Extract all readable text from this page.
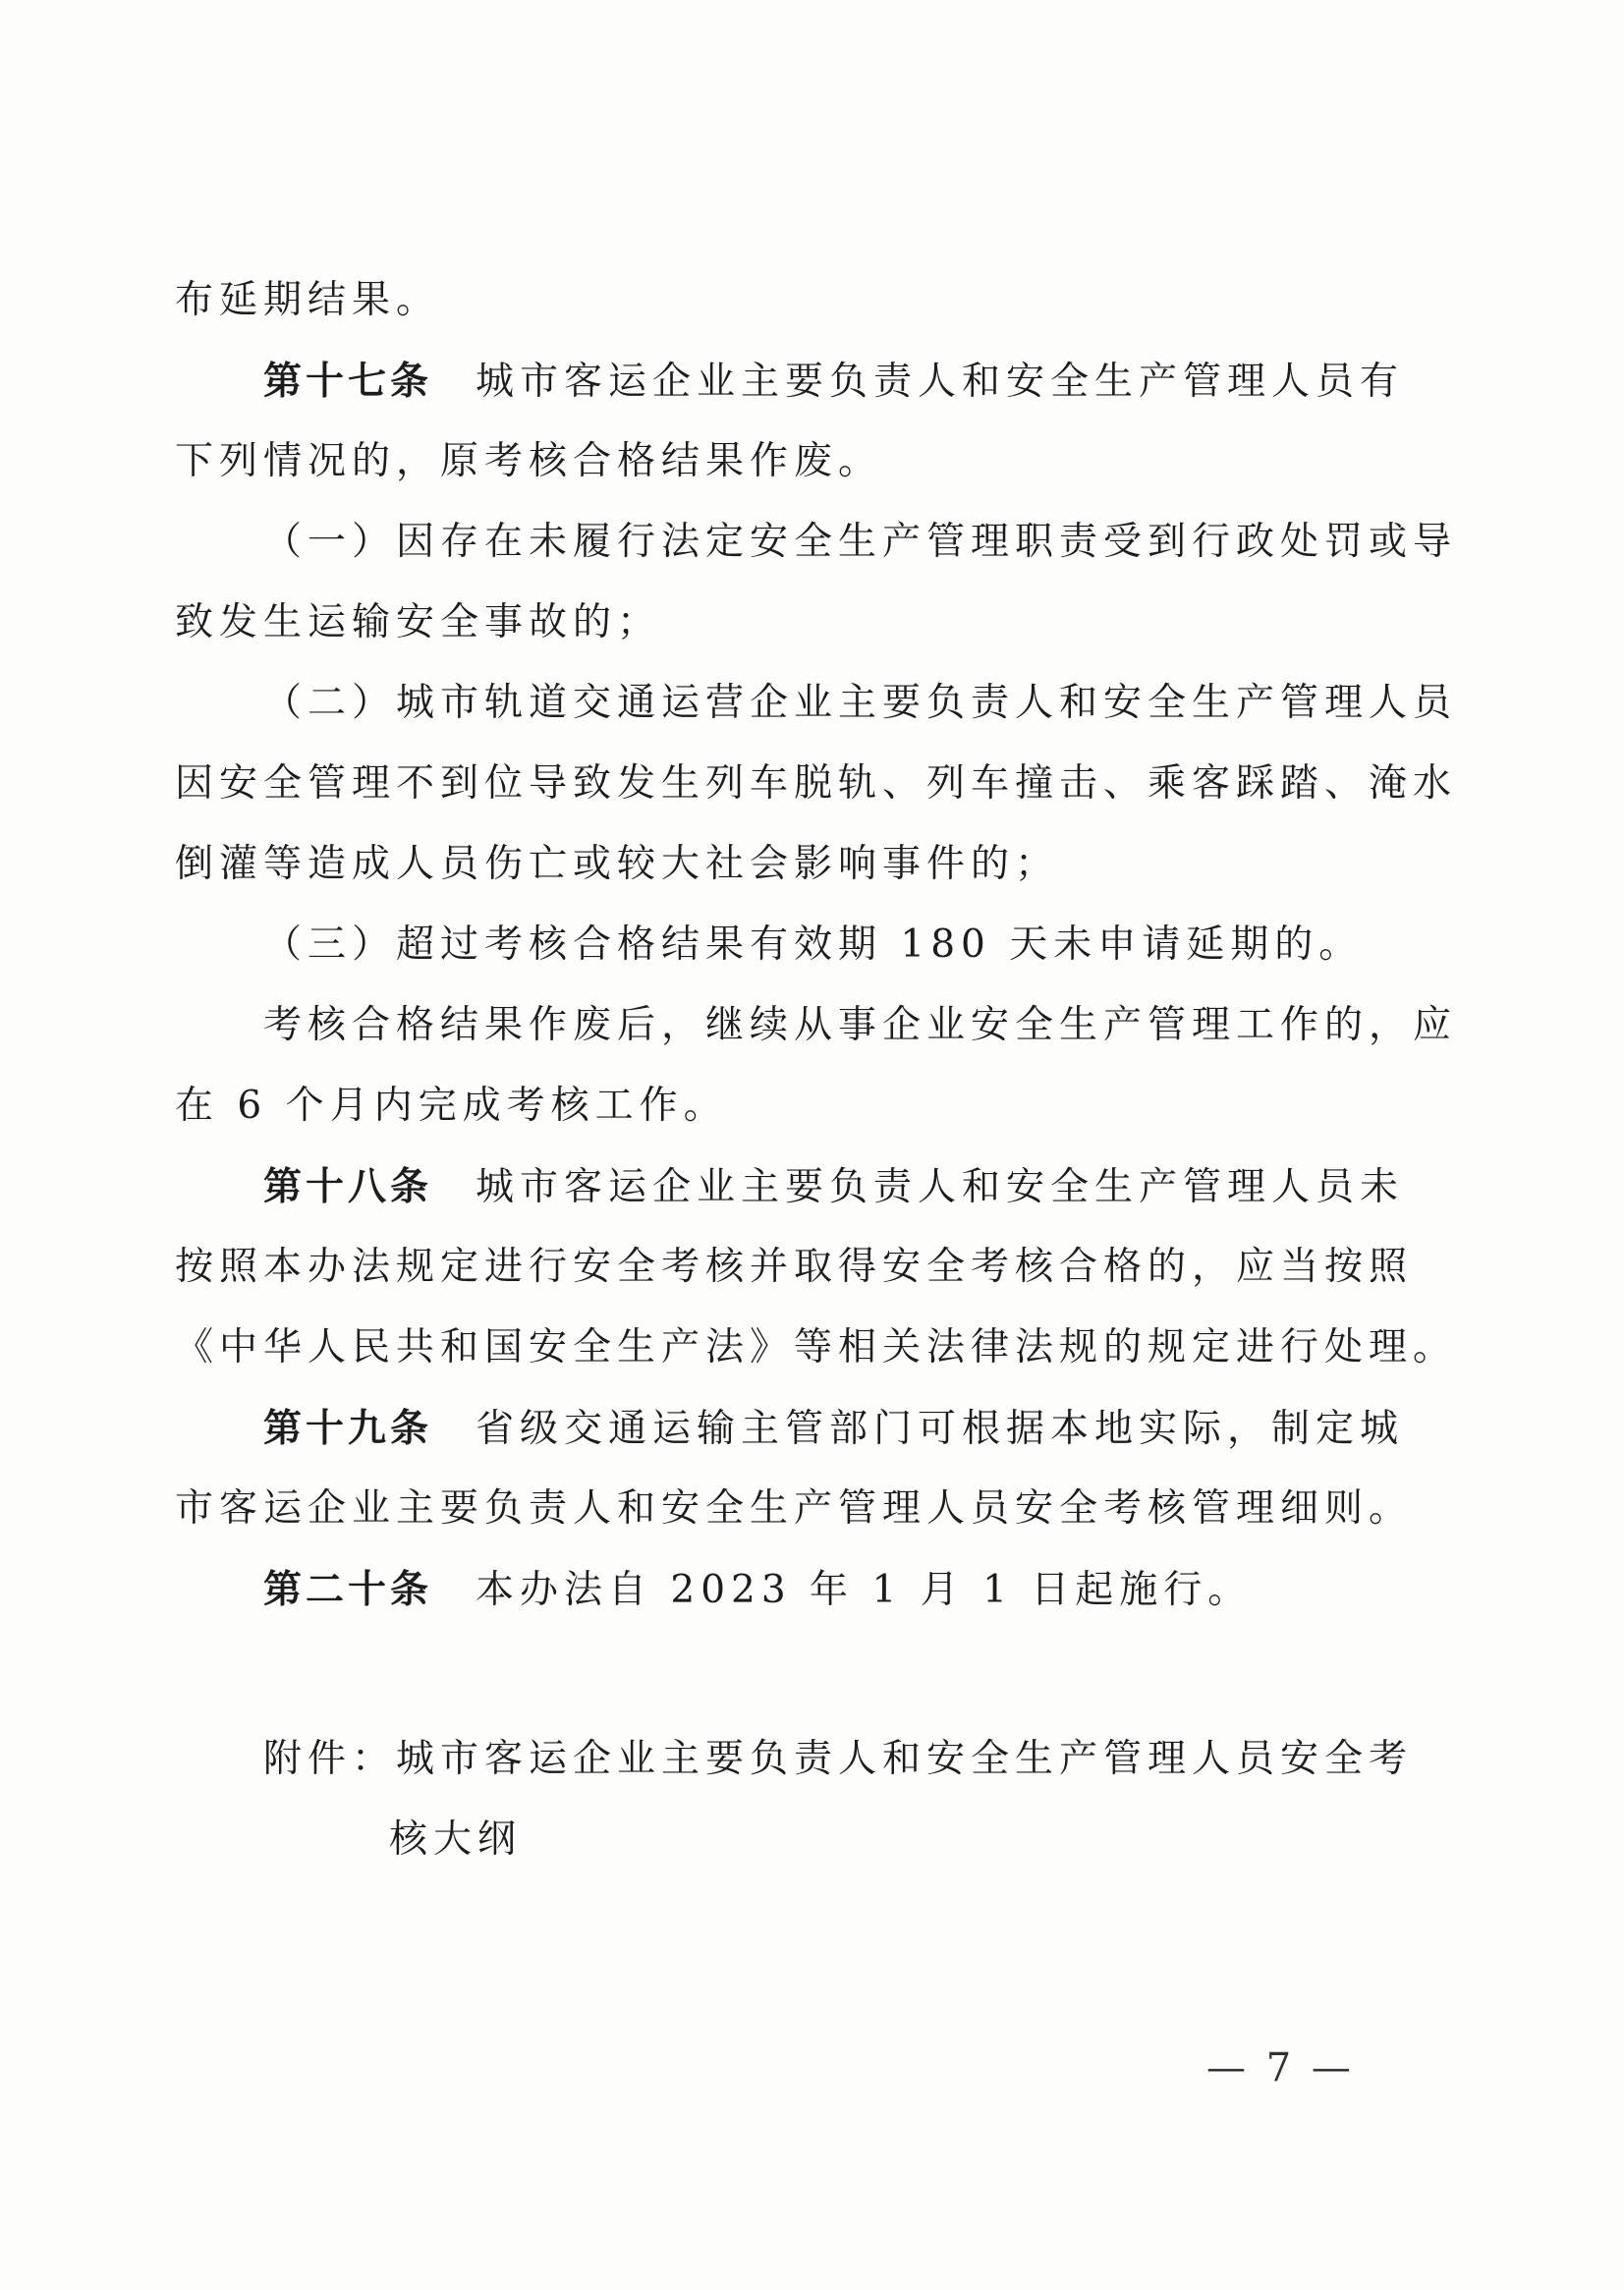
布延期结果。
第十七条 城市客运企业主要负责人和安全生产管理人员有
下列情况的，原考核合格结果作废。
（一）因存在未履行法定安全生产管理职责受到行政处罚或导
致发生运输安全事故的；
（二）城市轨道交通运营企业主要负责人和安全生产管理人员
因安全管理不到位导致发生列车脱轨、列车撞击、乘客踩踏、淹水
倒灌等造成人员伤亡或较大社会影响事件的；
（三）超过考核合格结果有效期 180 天未申请延期的。
考核合格结果作废后，继续从事企业安全生产管理工作的，应
在 6 个月内完成考核工作。
第十八条 城市客运企业主要负责人和安全生产管理人员未
按照本办法规定进行安全考核并取得安全考核合格的，应当按照
《中华人民共和国安全生产法》等相关法律法规的规定进行处理。
第十九条 省级交通运输主管部门可根据本地实际，制定城
市客运企业主要负责人和安全生产管理人员安全考核管理细则。
第二十条 本办法自 2023 年 1 月 1 日起施行。
附件：城市客运企业主要负责人和安全生产管理人员安全考
核大纲
— 7 —
